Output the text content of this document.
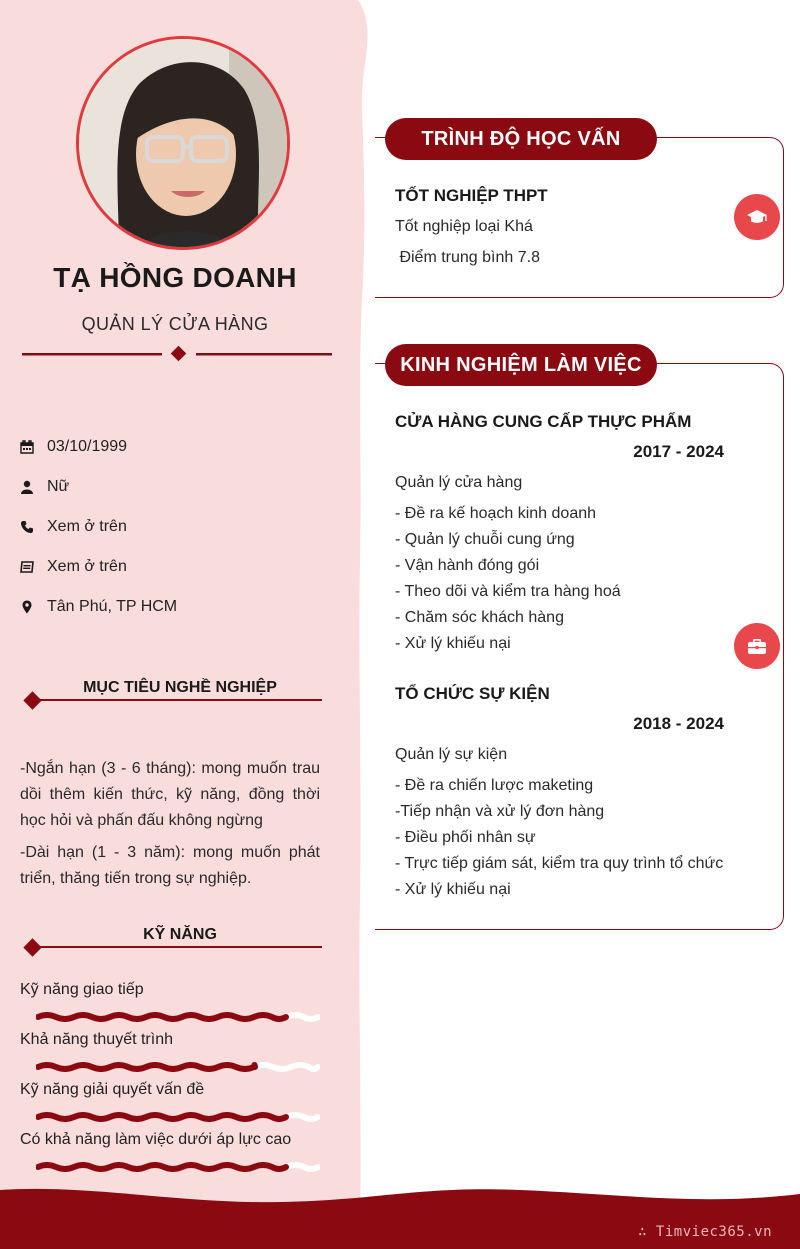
TẠ HỒNG DOANH
QUẢN LÝ CỬA HÀNG
03/10/1999
Nữ
Xem ở trên
Xem ở trên
Tân Phú, TP HCM
MỤC TIÊU NGHỀ NGHIỆP

-Ngắn hạn (3 - 6 tháng): mong muốn trau dồi thêm kiến thức, kỹ năng, đồng thời học hỏi và phấn đấu không ngừng

-Dài hạn (1 - 3 năm): mong muốn phát triển, thăng tiến trong sự nghiệp.

KỸ NĂNG
Kỹ năng giao tiếp
Khả năng thuyết trình
Kỹ năng giải quyết vấn đề
Có khả năng làm việc dưới áp lực cao
TRÌNH ĐỘ HỌC VẤN
TỐT NGHIỆP THPT
Tốt nghiệp loại Khá
Điểm trung bình 7.8
KINH NGHIỆM LÀM VIỆC
CỬA HÀNG CUNG CẤP THỰC PHẨM
2017 - 2024
Quản lý cửa hàng
- Đề ra kế hoạch kinh doanh
- Quản lý chuỗi cung ứng
- Vận hành đóng gói
- Theo dõi và kiểm tra hàng hoá
- Chăm sóc khách hàng
- Xử lý khiếu nại
TỔ CHỨC SỰ KIỆN
2018 - 2024
Quản lý sự kiện
- Đề ra chiến lược maketing
-Tiếp nhận và xử lý đơn hàng
- Điều phối nhân sự
- Trực tiếp giám sát, kiểm tra quy trình tổ chức
- Xử lý khiếu nại
∴ Timviec365.vn
